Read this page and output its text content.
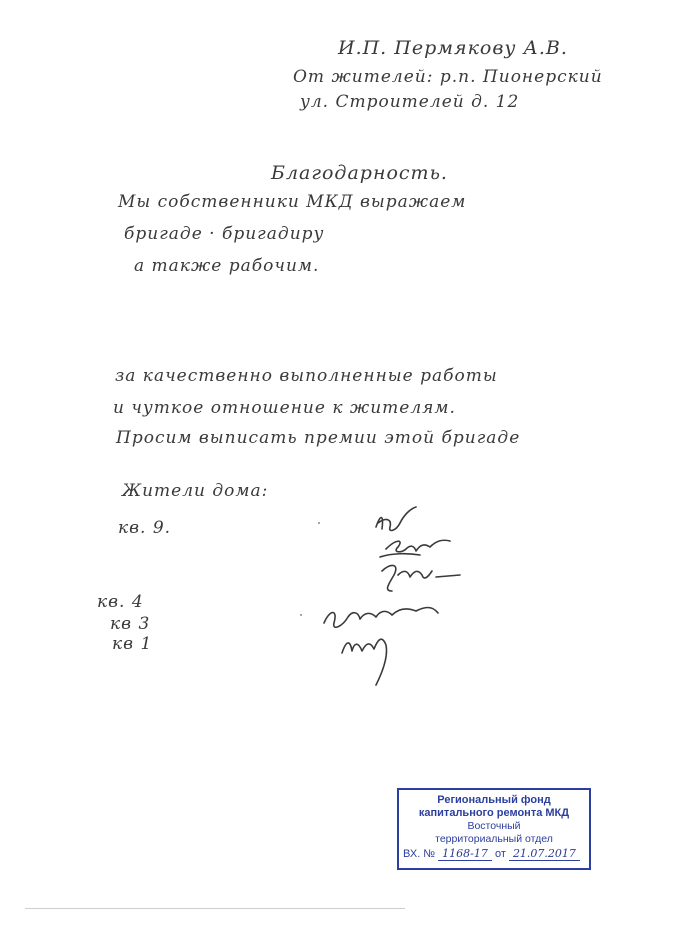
И.П. Пермякову А.В.
От жителей: р.п. Пионерский
ул. Строителей д. 12
Благодарность.
Мы собственники МКД выражаем
бригаде · бригадиру
а также рабочим.
за качественно выполненные работы
и чуткое отношение к жителям.
Просим выписать премии этой бригаде
Жители дома:
кв. 9.
кв. 4
кв 3
кв 1
Региональный фонд
капитального ремонта МКД
Восточный
территориальный отдел
ВХ. № 1168-17 от 21.07.2017
